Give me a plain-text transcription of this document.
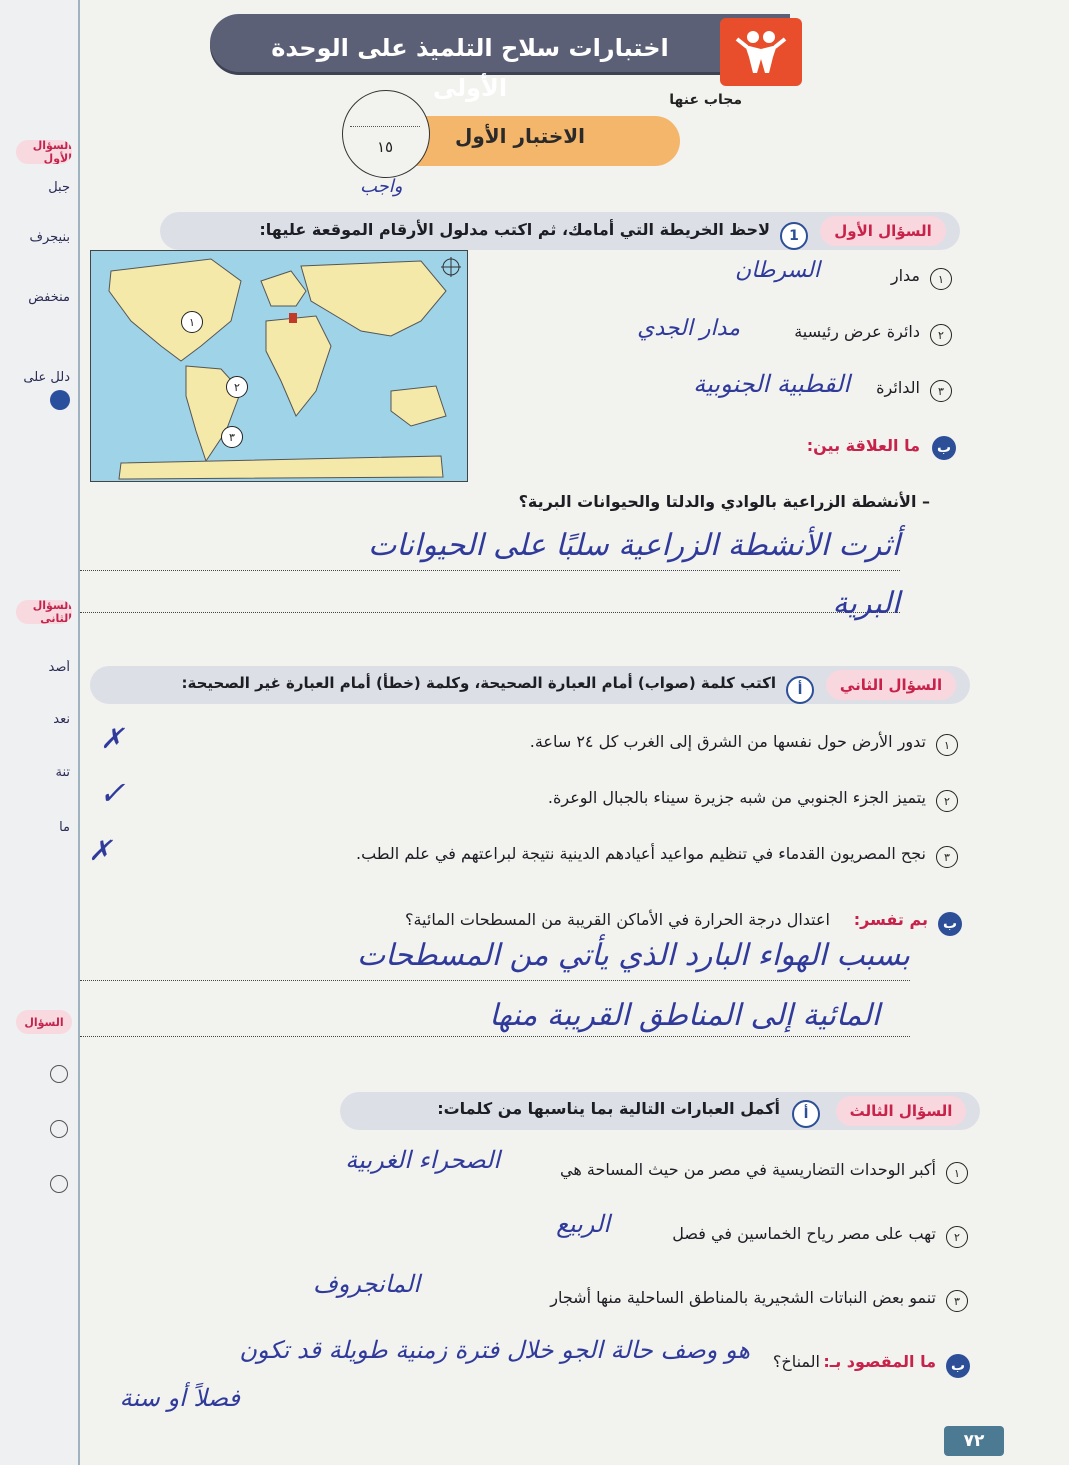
السؤال الأول
جبل
بنيجرف
منخفض
دلل على
السؤال الثاني
أصد
نعد
تنة
ما
السؤال
اختبارات سلاح التلميذ على الوحدة الأولى	مجاب عنها
الاختبار الأول
١٥
واجب
السؤال الأول
1
لاحظ الخريطة التي أمامك، ثم اكتب مدلول الأرقام الموقعة عليها:
١
٢
٣
١
مدار
السرطان
٢
دائرة عرض رئيسية
مدار الجدي
٣
الدائرة
القطبية الجنوبية
ب
ما العلاقة بين:
– الأنشطة الزراعية بالوادي والدلتا والحيوانات البرية؟
أثرت الأنشطة الزراعية سلبًا على الحيوانات
البرية
السؤال الثاني
أ
اكتب كلمة (صواب) أمام العبارة الصحيحة، وكلمة (خطأ) أمام العبارة غير الصحيحة:
١
تدور الأرض حول نفسها من الشرق إلى الغرب كل ٢٤ ساعة.
✗
٢
يتميز الجزء الجنوبي من شبه جزيرة سيناء بالجبال الوعرة.
✓
٣
نجح المصريون القدماء في تنظيم مواعيد أعيادهم الدينية نتيجة لبراعتهم في علم الطب.
✗
ب
بم تفسر:
اعتدال درجة الحرارة في الأماكن القريبة من المسطحات المائية؟
بسبب الهواء البارد الذي يأتي من المسطحات
المائية إلى المناطق القريبة منها
السؤال الثالث
أ
أكمل العبارات التالية بما يناسبها من كلمات:
١
أكبر الوحدات التضاريسية في مصر من حيث المساحة هي
الصحراء الغربية
٢
تهب على مصر رياح الخماسين في فصل
الربيع
٣
تنمو بعض النباتات الشجيرية بالمناطق الساحلية منها أشجار
المانجروف
ب
ما المقصود بـ:
المناخ؟
هو وصف حالة الجو خلال فترة زمنية طويلة قد تكون
فصلاً أو سنة
٧٢
